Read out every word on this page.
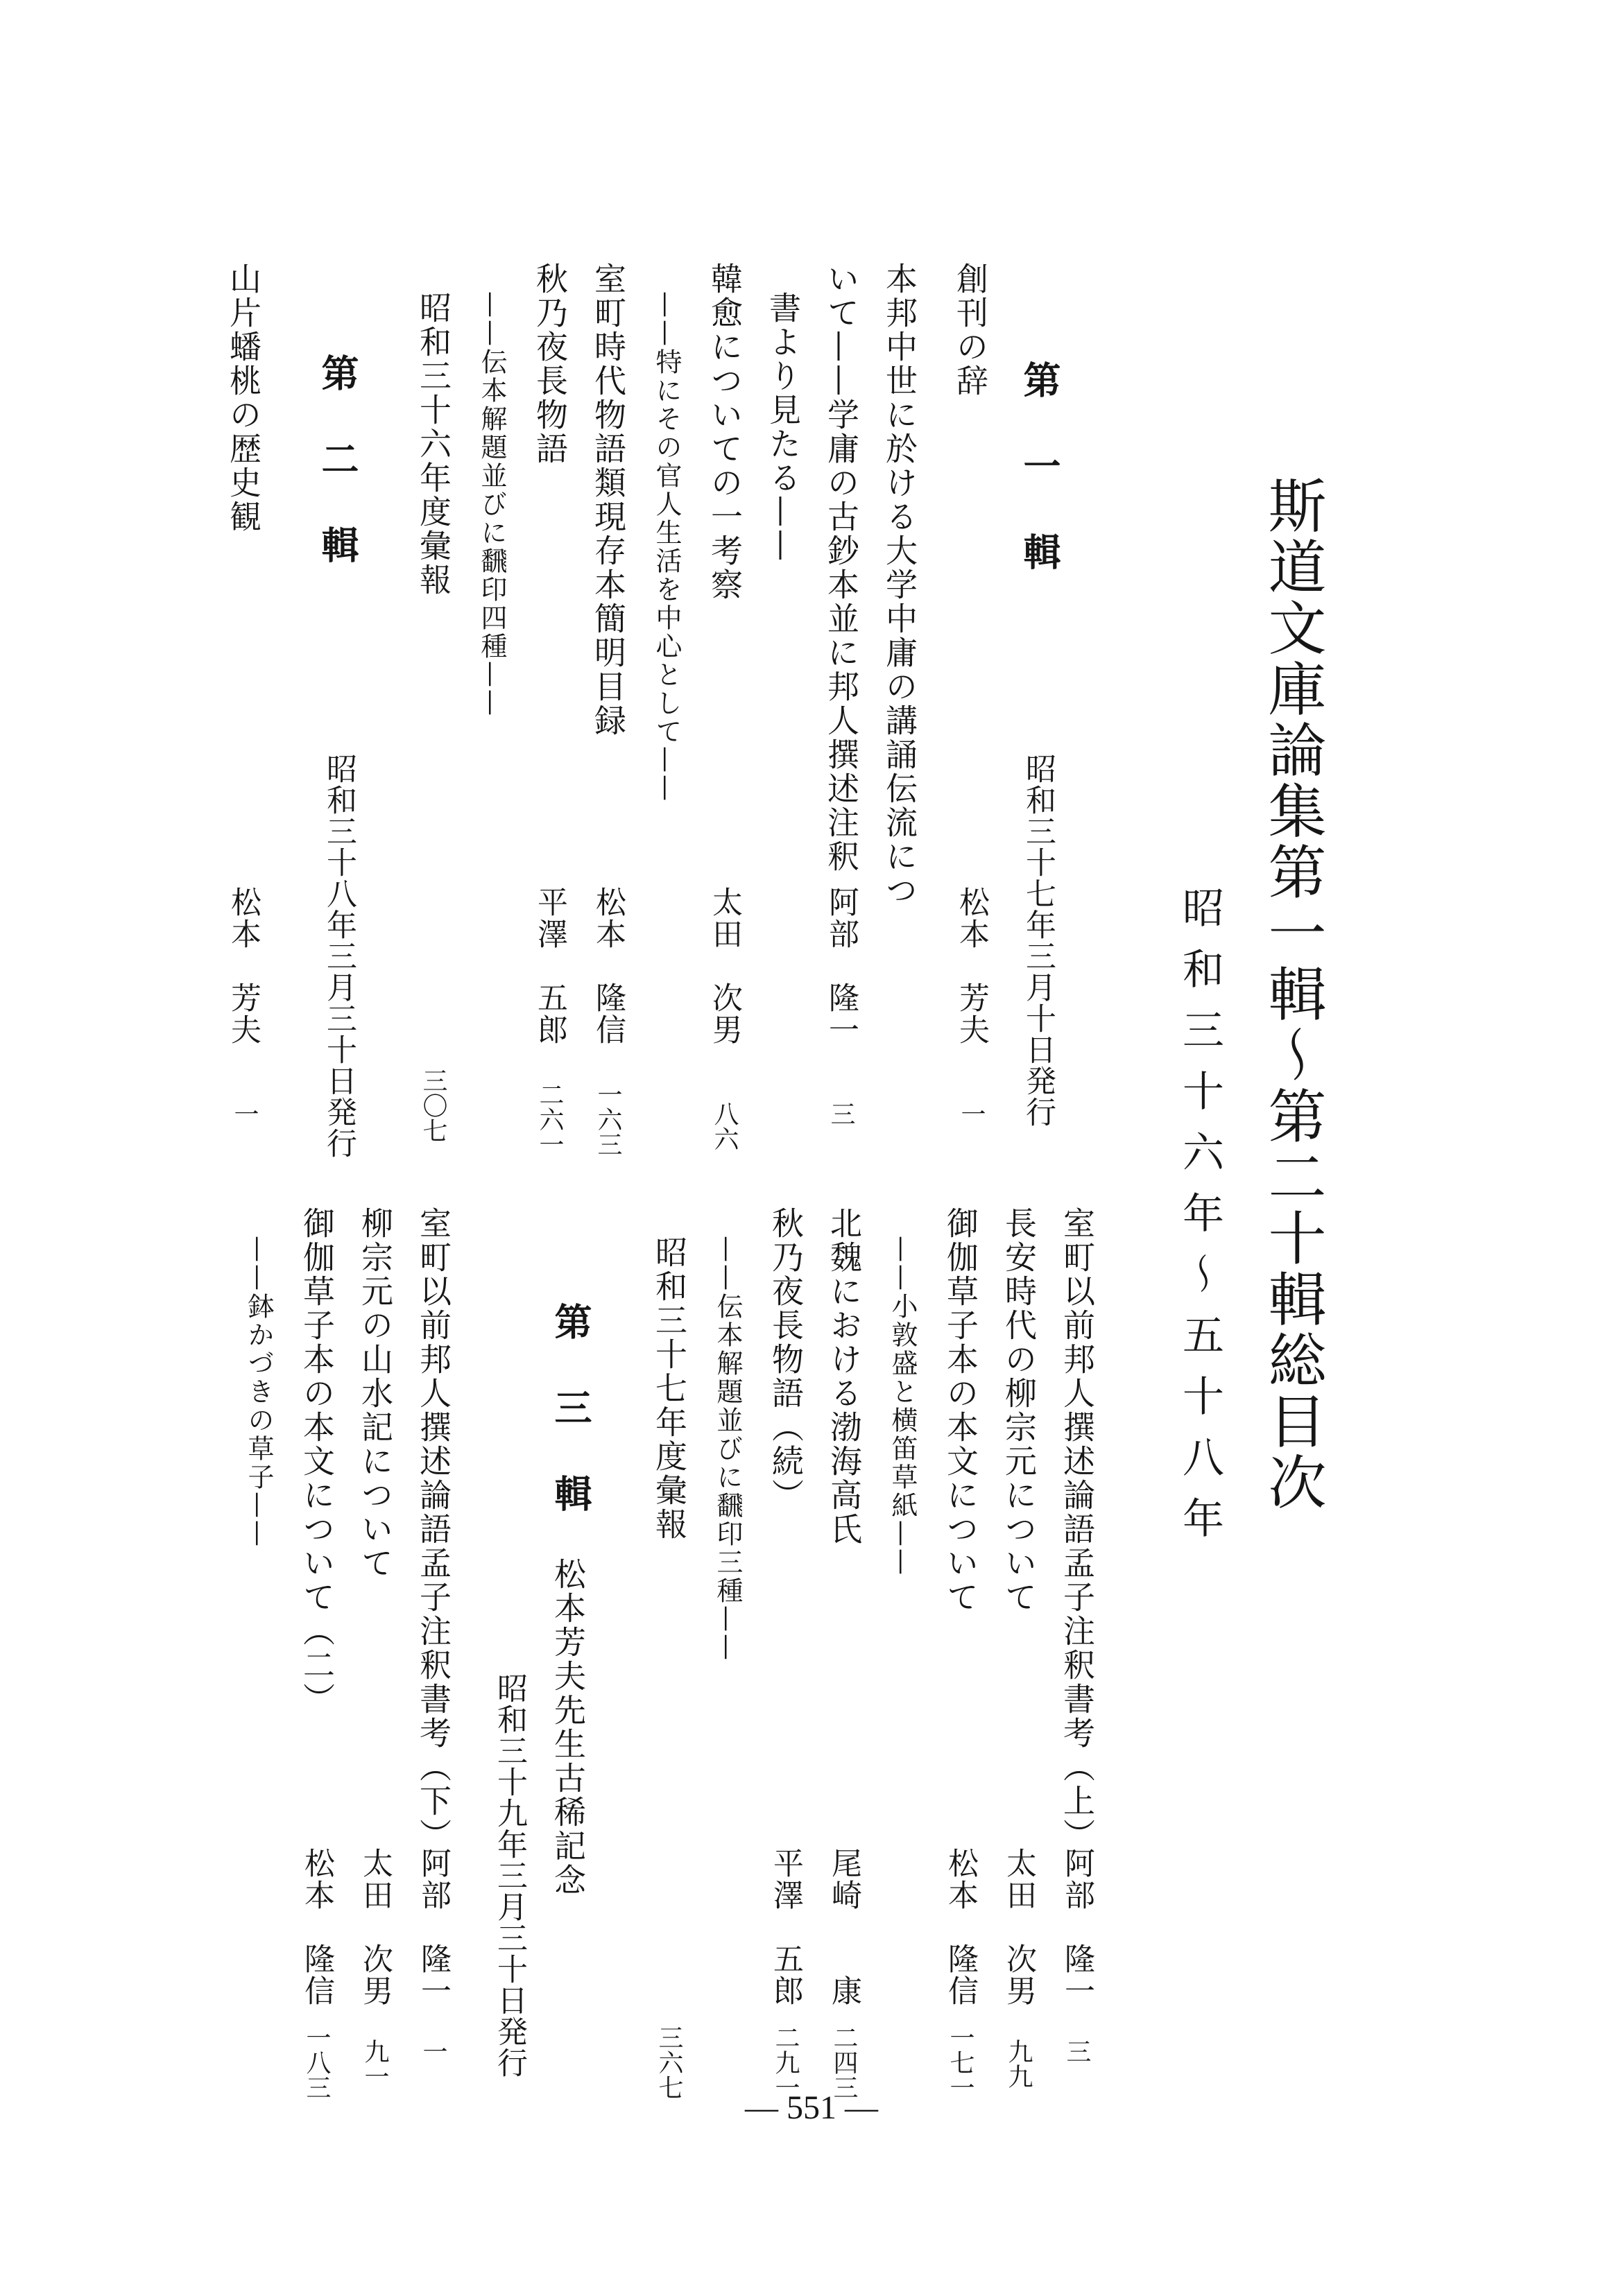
斯道文庫論集第一輯〜第二十輯総目次
昭和三十六年〜五十八年
第一輯
昭和三十七年三月十日発行
創刊の辞
松本　芳夫
一
本邦中世に於ける大学中庸の講誦伝流につ
いて——学庸の古鈔本並に邦人撰述注釈
書より見たる——
阿部　隆一
三
韓愈についての一考察
——特にその官人生活を中心として——
太田　次男
八六
室町時代物語類現存本簡明目録
松本　隆信
一六三
秋乃夜長物語
——伝本解題並びに飜印四種——
平澤　五郎
二六一
昭和三十六年度彙報
三〇七
第二輯
昭和三十八年三月三十日発行
山片蟠桃の歴史観
松本　芳夫
一
室町以前邦人撰述論語孟子注釈書考（上）
阿部　隆一
三
長安時代の柳宗元について
太田　次男
九九
御伽草子本の本文について
——小敦盛と横笛草紙——
松本　隆信
一七一
北魏における渤海高氏
尾崎　　康
二四三
秋乃夜長物語（続）
——伝本解題並びに飜印三種——
平澤　五郎
二九一
昭和三十七年度彙報
三六七
第三輯
松本芳夫先生古稀記念
昭和三十九年三月三十日発行
室町以前邦人撰述論語孟子注釈書考（下）
阿部　隆一
一
柳宗元の山水記について
太田　次男
九一
御伽草子本の本文について（二）
——鉢かづきの草子——
松本　隆信
一八三
— 551 —
